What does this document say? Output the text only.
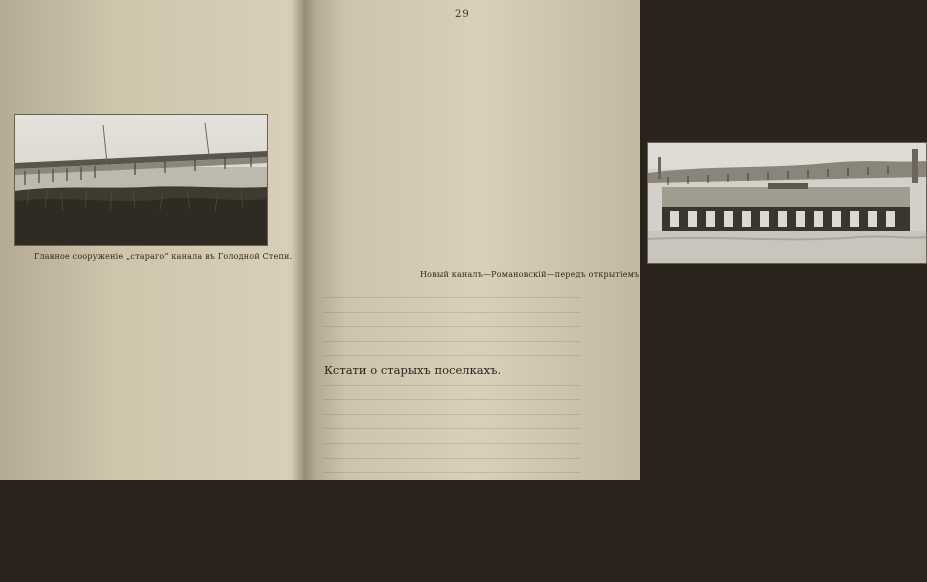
Главное сооруженіе „стараго“ канала въ Голодной Степи.
29
Новый каналъ—Романовскій—передъ открытіемъ.
Кстати о старыхъ поселкахъ.
въ Голодной Степи, данную еще въ 1903 году
